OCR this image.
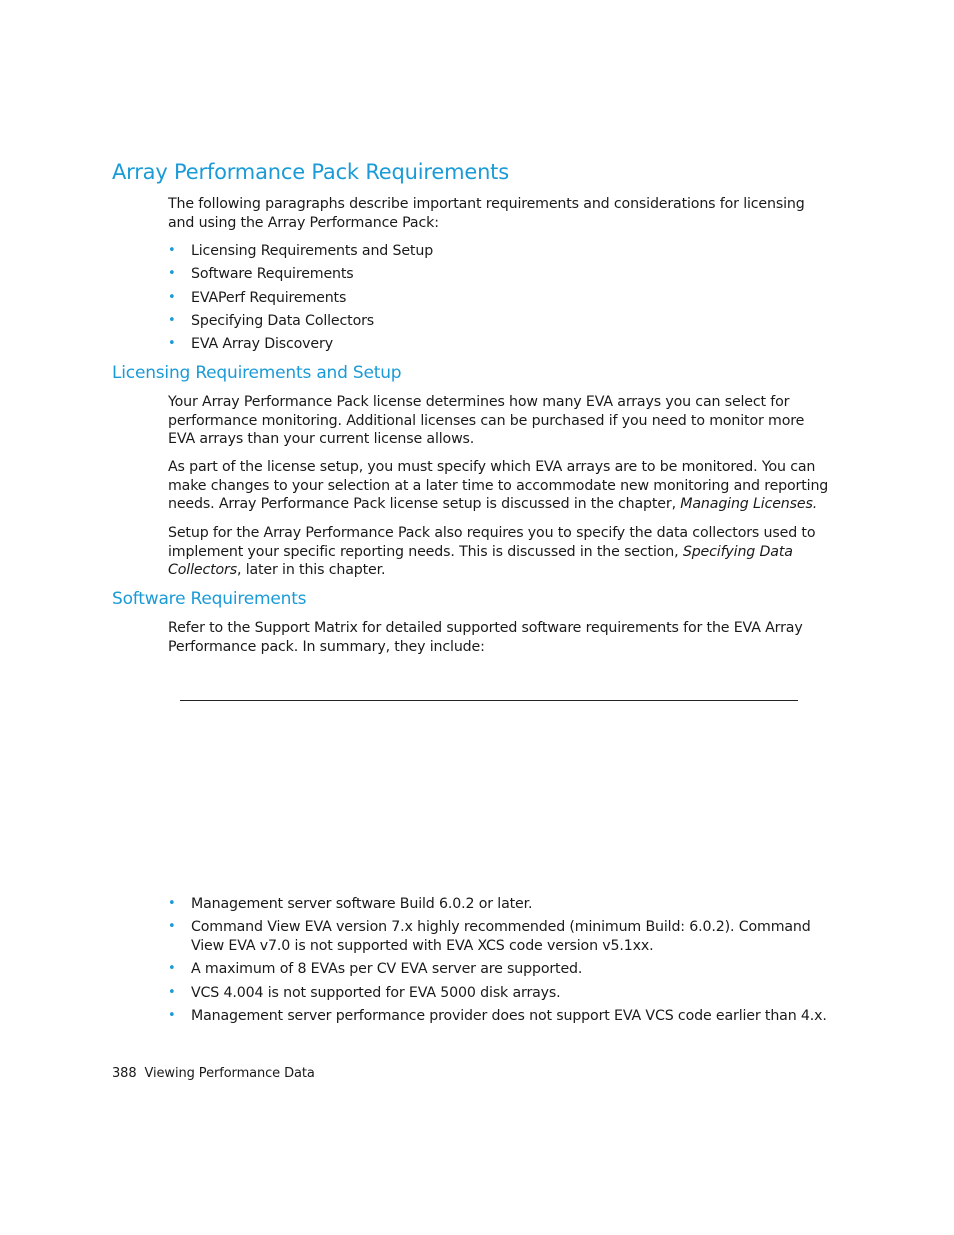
Array Performance Pack Requirements

The following paragraphs describe important requirements and considerations for licensing and using the Array Performance Pack:

• Licensing Requirements and Setup
• Software Requirements
• EVAPerf Requirements
• Specifying Data Collectors
• EVA Array Discovery
Licensing Requirements and Setup

Your Array Performance Pack license determines how many EVA arrays you can select for performance monitoring. Additional licenses can be purchased if you need to monitor more EVA arrays than your current license allows.

As part of the license setup, you must specify which EVA arrays are to be monitored. You can make changes to your selection at a later time to accommodate new monitoring and reporting needs. Array Performance Pack license setup is discussed in the chapter, Managing Licenses.

Setup for the Array Performance Pack also requires you to specify the data collectors used to implement your specific reporting needs. This is discussed in the section, Specifying Data Collectors, later in this chapter.

Software Requirements

Refer to the Support Matrix for detailed supported software requirements for the EVA Array Performance pack. In summary, they include:

• Management server software Build 6.0.2 or later.
• Command View EVA version 7.x highly recommended (minimum Build: 6.0.2). Command View EVA v7.0 is not supported with EVA XCS code version v5.1xx.
• A maximum of 8 EVAs per CV EVA server are supported.
• VCS 4.004 is not supported for EVA 5000 disk arrays.
• Management server performance provider does not support EVA VCS code earlier than 4.x.
388 Viewing Performance Data
